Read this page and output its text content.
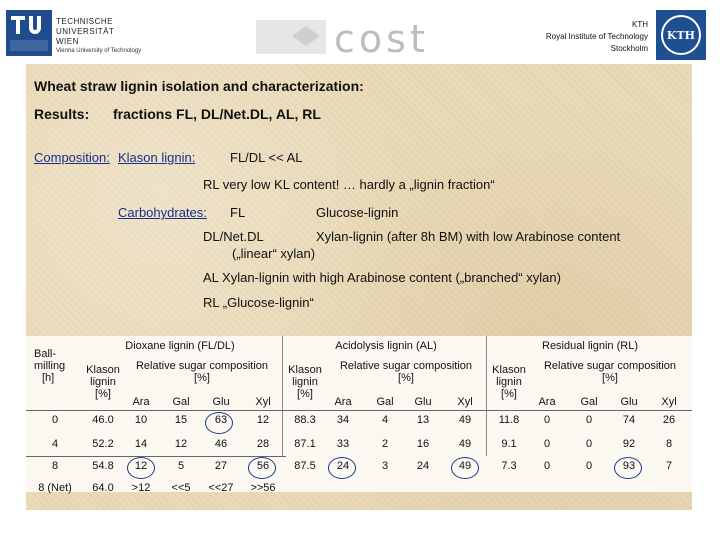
TECHNISCHE
UNIVERSITÄT
WIEN
Vienna University of Technology	cost	KTH
Royal Institute of Technology
Stockholm
KTH
Wheat straw lignin isolation and characterization:
Results: fractions FL, DL/Net.DL, AL, RL
Composition: Klason lignin:	FL/DL << AL
RL very low KL content! … hardly a „lignin fraction“
Carbohydrates: FL	Glucose-lignin
DL/Net.DL	Xylan-lignin (after 8h BM) with low Arabinose content
(„linear“ xylan)
AL Xylan-lignin with high Arabinose content („branched“ xylan)
RL „Glucose-lignin“
Ball-
milling
[h]
Dioxane lignin (FL/DL)	Acidolysis lignin (AL)	Residual lignin (RL)
Klason
lignin
[%]
Klason
lignin
[%]
Klason
lignin
[%]
Relative sugar composition
[%]
Relative sugar composition
[%]
Relative sugar composition
[%]
Ara	Gal	Glu	Xyl	Ara	Gal	Glu	Xyl	Ara	Gal	Glu	Xyl
0	46.0	10	15	63	12	88.3	34	4	13	49	11.8	0	0	74	26
4	52.2	14	12	46	28	87.1	33	2	16	49	9.1	0	0	92	8
8	54.8	12	5	27	56	87.5	24	3	24	49	7.3	0	0	93	7
8 (Net)	64.0	>12	<<5	<<27	>>56
